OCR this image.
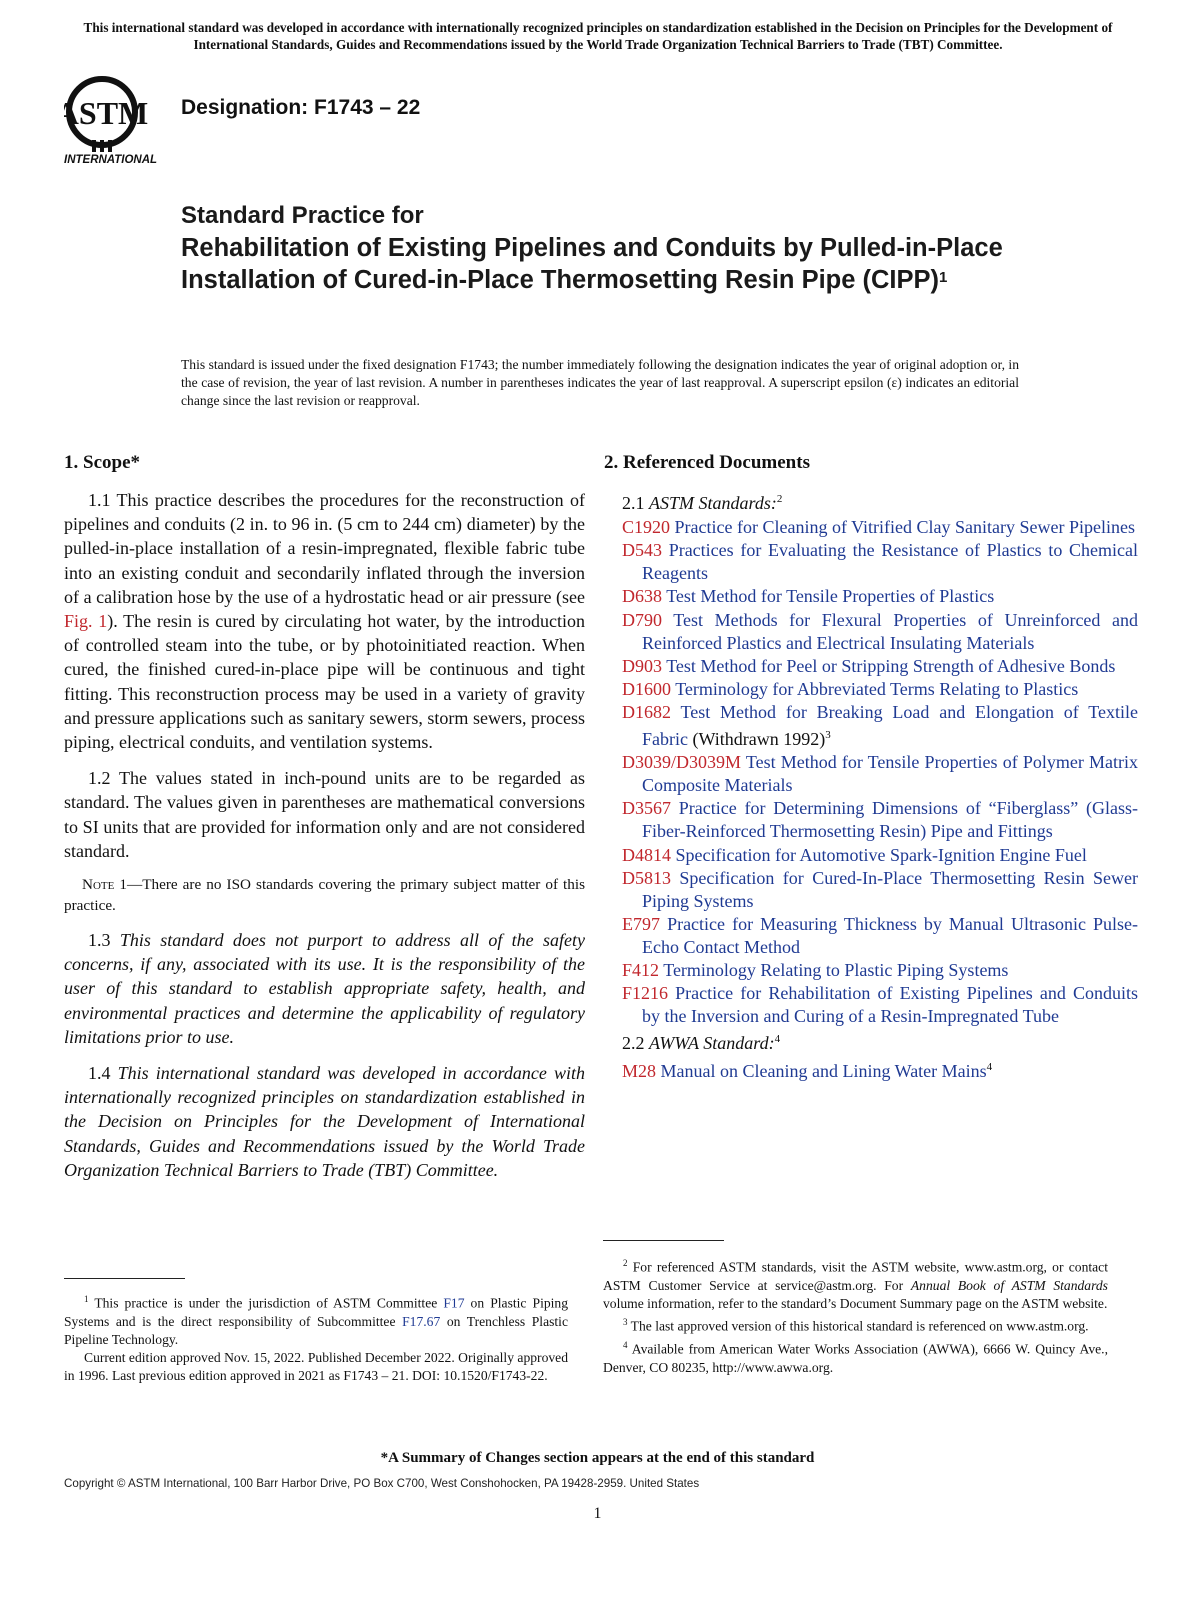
This international standard was developed in accordance with internationally recognized principles on standardization established in the Decision on Principles for the Development of International Standards, Guides and Recommendations issued by the World Trade Organization Technical Barriers to Trade (TBT) Committee.
ASTM
INTERNATIONAL
Designation: F1743 – 22
Standard Practice for
Rehabilitation of Existing Pipelines and Conduits by Pulled-in-Place Installation of Cured-in-Place Thermosetting Resin Pipe (CIPP)$^1$
This standard is issued under the fixed designation F1743; the number immediately following the designation indicates the year of original adoption or, in the case of revision, the year of last revision. A number in parentheses indicates the year of last reapproval. A superscript epsilon (ε) indicates an editorial change since the last revision or reapproval.
1. Scope*

1.1 This practice describes the procedures for the reconstruction of pipelines and conduits (2 in. to 96 in. (5 cm to 244 cm) diameter) by the pulled-in-place installation of a resin-impregnated, flexible fabric tube into an existing conduit and secondarily inflated through the inversion of a calibration hose by the use of a hydrostatic head or air pressure (see Fig. 1). The resin is cured by circulating hot water, by the introduction of controlled steam into the tube, or by photoinitiated reaction. When cured, the finished cured-in-place pipe will be continuous and tight fitting. This reconstruction process may be used in a variety of gravity and pressure applications such as sanitary sewers, storm sewers, process piping, electrical conduits, and ventilation systems.

1.2 The values stated in inch-pound units are to be regarded as standard. The values given in parentheses are mathematical conversions to SI units that are provided for information only and are not considered standard.

Note 1—There are no ISO standards covering the primary subject matter of this practice.

1.3 This standard does not purport to address all of the safety concerns, if any, associated with its use. It is the responsibility of the user of this standard to establish appropriate safety, health, and environmental practices and determine the applicability of regulatory limitations prior to use.

1.4 This international standard was developed in accordance with internationally recognized principles on standardization established in the Decision on Principles for the Development of International Standards, Guides and Recommendations issued by the World Trade Organization Technical Barriers to Trade (TBT) Committee.

2. Referenced Documents
2.1 ASTM Standards:$^2$
C1920 Practice for Cleaning of Vitrified Clay Sanitary Sewer Pipelines
D543 Practices for Evaluating the Resistance of Plastics to Chemical Reagents
D638 Test Method for Tensile Properties of Plastics
D790 Test Methods for Flexural Properties of Unreinforced and Reinforced Plastics and Electrical Insulating Materials
D903 Test Method for Peel or Stripping Strength of Adhesive Bonds
D1600 Terminology for Abbreviated Terms Relating to Plastics
D1682 Test Method for Breaking Load and Elongation of Textile Fabric (Withdrawn 1992)$^3$
D3039/D3039M Test Method for Tensile Properties of Polymer Matrix Composite Materials
D3567 Practice for Determining Dimensions of “Fiberglass” (Glass-Fiber-Reinforced Thermosetting Resin) Pipe and Fittings
D4814 Specification for Automotive Spark-Ignition Engine Fuel
D5813 Specification for Cured-In-Place Thermosetting Resin Sewer Piping Systems
E797 Practice for Measuring Thickness by Manual Ultrasonic Pulse-Echo Contact Method
F412 Terminology Relating to Plastic Piping Systems
F1216 Practice for Rehabilitation of Existing Pipelines and Conduits by the Inversion and Curing of a Resin-Impregnated Tube
2.2 AWWA Standard:$^4$
M28 Manual on Cleaning and Lining Water Mains$^4$

$^1$ This practice is under the jurisdiction of ASTM Committee F17 on Plastic Piping Systems and is the direct responsibility of Subcommittee F17.67 on Trenchless Plastic Pipeline Technology.

Current edition approved Nov. 15, 2022. Published December 2022. Originally approved in 1996. Last previous edition approved in 2021 as F1743 – 21. DOI: 10.1520/F1743-22.

$^2$ For referenced ASTM standards, visit the ASTM website, www.astm.org, or contact ASTM Customer Service at service@astm.org. For Annual Book of ASTM Standards volume information, refer to the standard’s Document Summary page on the ASTM website.

$^3$ The last approved version of this historical standard is referenced on www.astm.org.

$^4$ Available from American Water Works Association (AWWA), 6666 W. Quincy Ave., Denver, CO 80235, http://www.awwa.org.

*A Summary of Changes section appears at the end of this standard
Copyright © ASTM International, 100 Barr Harbor Drive, PO Box C700, West Conshohocken, PA 19428-2959. United States
1
